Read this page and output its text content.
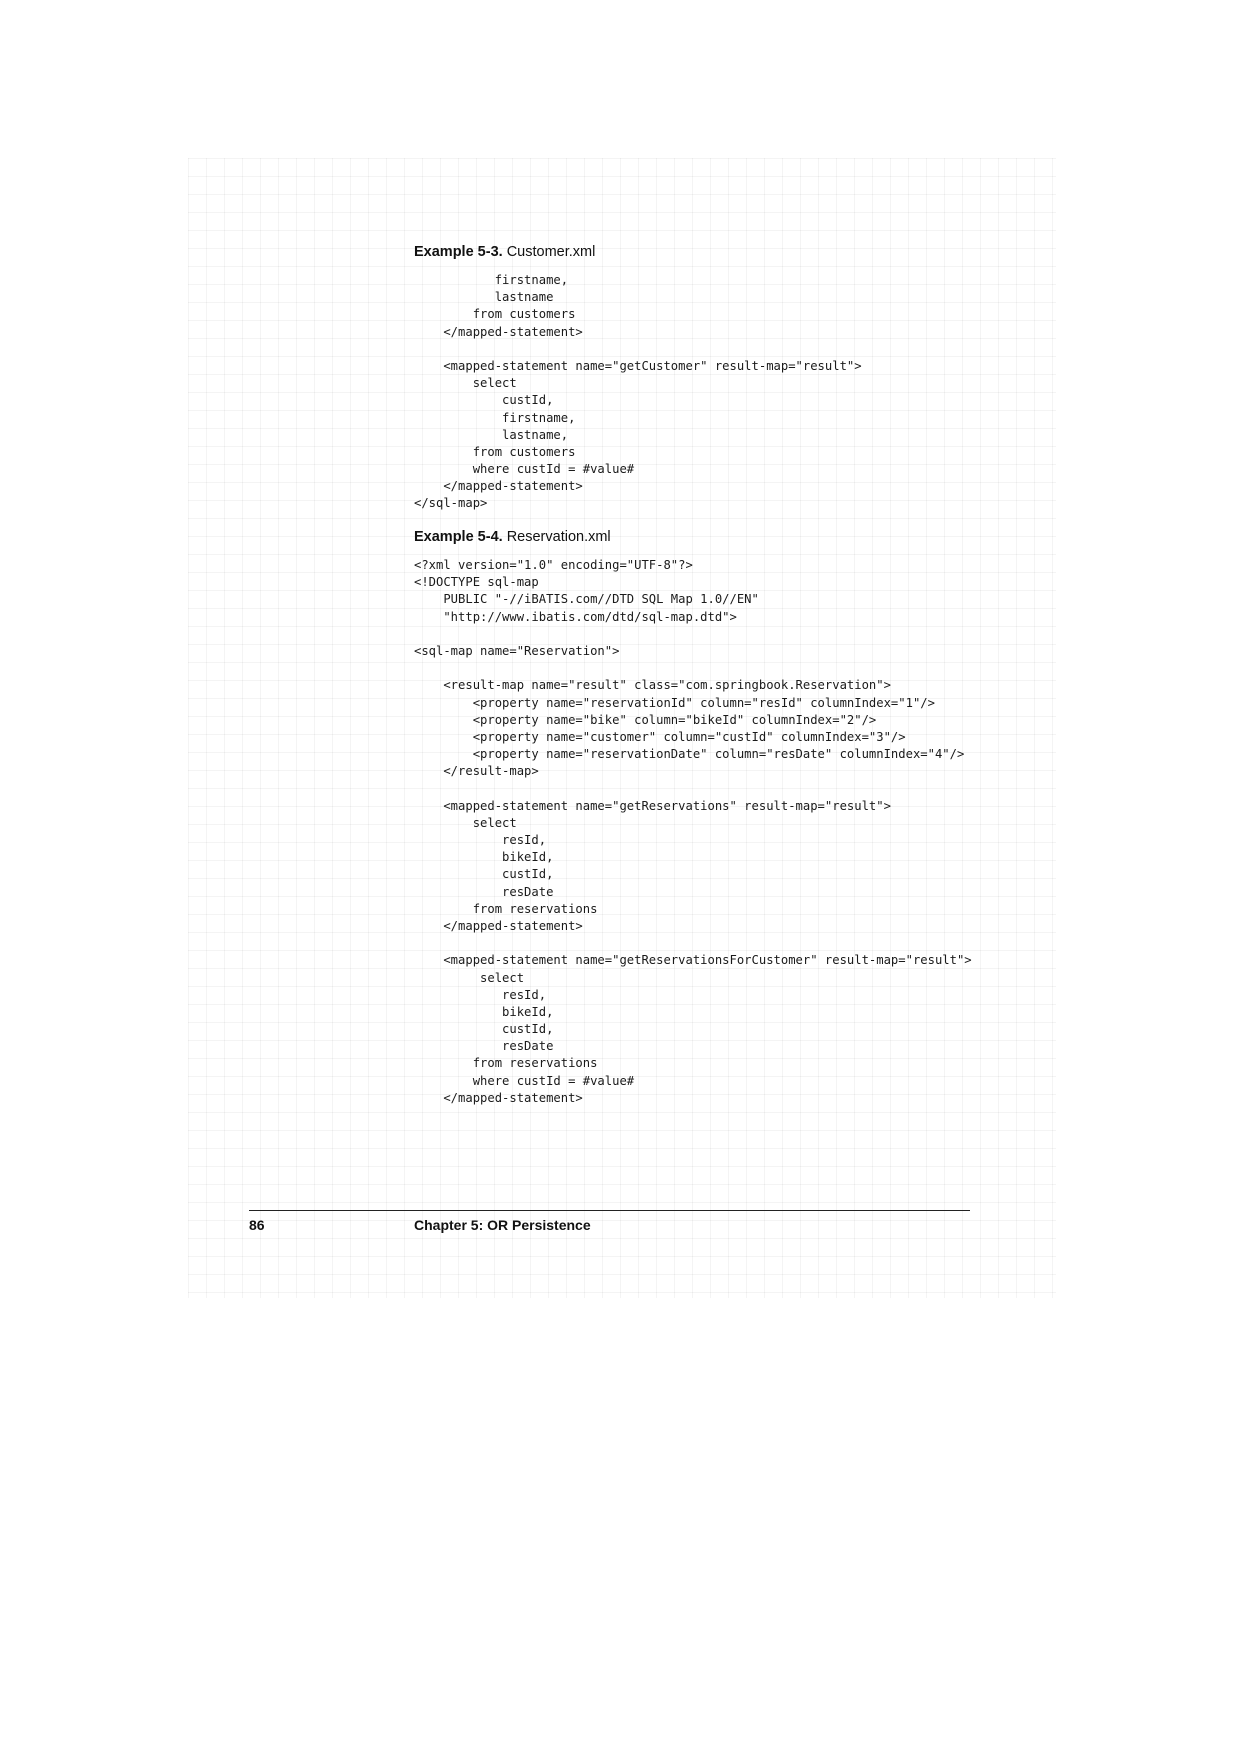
Example 5-3. Customer.xml
firstname,
lastname
from customers
</mapped-statement>
<mapped-statement name="getCustomer" result-map="result">
select
custId,
firstname,
lastname,
from customers
where custId = #value#
</mapped-statement>
</sql-map>
Example 5-4. Reservation.xml
<?xml version="1.0" encoding="UTF-8"?>
<!DOCTYPE sql-map
PUBLIC "-//iBATIS.com//DTD SQL Map 1.0//EN"
"http://www.ibatis.com/dtd/sql-map.dtd">
<sql-map name="Reservation">
<result-map name="result" class="com.springbook.Reservation">
<property name="reservationId" column="resId" columnIndex="1"/>
<property name="bike" column="bikeId" columnIndex="2"/>
<property name="customer" column="custId" columnIndex="3"/>
<property name="reservationDate" column="resDate" columnIndex="4"/>
</result-map>
<mapped-statement name="getReservations" result-map="result">
select
resId,
bikeId,
custId,
resDate
from reservations
</mapped-statement>
<mapped-statement name="getReservationsForCustomer" result-map="result">
select
resId,
bikeId,
custId,
resDate
from reservations
where custId = #value#
</mapped-statement>
86	Chapter 5: OR Persistence
